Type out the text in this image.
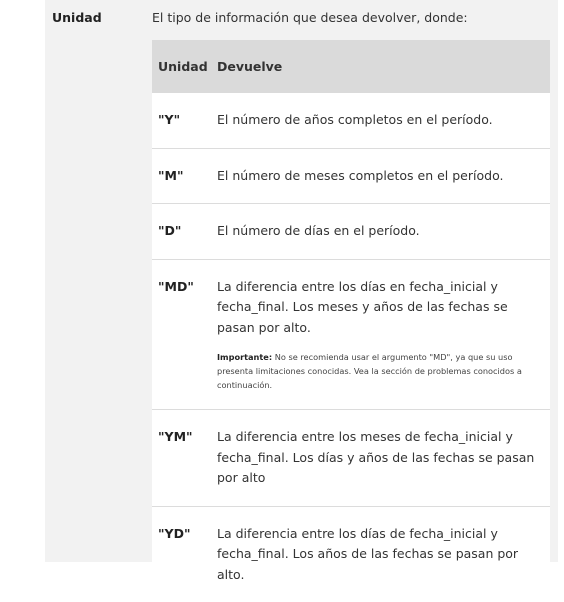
Unidad	El tipo de información que desea devolver, donde:
Unidad Devuelve
"Y"	El número de años completos en el período.
"M"	El número de meses completos en el período.
"D"	El número de días en el período.
"MD" La diferencia entre los días en fecha_inicial y fecha_final. Los meses y años de las fechas se pasan por alto.
Importante: No se recomienda usar el argumento "MD", ya que su uso presenta limitaciones conocidas. Vea la sección de problemas conocidos a continuación.
"YM" La diferencia entre los meses de fecha_inicial y fecha_final. Los días y años de las fechas se pasan por alto
"YD" La diferencia entre los días de fecha_inicial y fecha_final. Los años de las fechas se pasan por alto.
